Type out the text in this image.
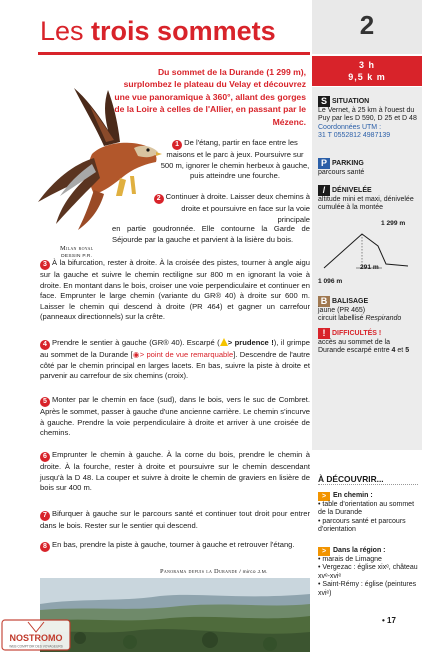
Les trois sommets
Du sommet de la Durande (1 299 m), surplombez le plateau du Velay et découvrez une vue panoramique à 360°, allant des gorges de la Loire à celles de l'Allier, en passant par le Mézenc.
Milan royal
DESSIN P.R.
1 De l'étang, partir en face entre les maisons et le parc à jeux. Poursuivre sur 500 m, ignorer le chemin herbeux à gauche, puis atteindre une fourche.
2 Continuer à droite. Laisser deux chemins à droite et poursuivre en face sur la voie principale
en partie goudronnée. Elle contourne la Garde de Séjourde par la gauche et parvient à la lisière du bois.
3 À la bifurcation, rester à droite. À la croisée des pistes, tourner à angle aigu sur la gauche et suivre le chemin rectiligne sur 800 m en ignorant la voie à droite. En montant dans le bois, croiser une voie perpendiculaire et continuer en face. Emprunter le large chemin (variante du GR® 40) à droite sur 600 m. Laisser le chemin qui descend à droite (PR 464) et gagner un carrefour (panneaux directionnels) sur la crête.
4 Prendre le sentier à gauche (GR® 40). Escarpé ( > prudence !), il grimpe au sommet de la Durande [◉> point de vue remarquable]. Descendre de l'autre côté par le chemin principal en larges lacets. En bas, suivre la piste à droite et parvenir au carrefour de six chemins (croix).
5 Monter par le chemin en face (sud), dans le bois, vers le suc de Combret. Après le sommet, passer à gauche d'une ancienne carrière. Le chemin s'incurve à gauche. Prendre la voie perpendiculaire à droite et arriver à une croisée de chemins.
6 Emprunter le chemin à gauche. À la corne du bois, prendre le chemin à droite. À la fourche, rester à droite et poursuivre sur le chemin descendant jusqu'à la D 48. La couper et suivre à droite le chemin de graviers en lisière de bois sur 400 m.
7 Bifurquer à gauche sur le parcours santé et continuer tout droit pour entrer dans le bois. Rester sur le sentier qui descend.
8 En bas, prendre la piste à gauche, tourner à gauche et retrouver l'étang.
Panorama depuis la Durande / mirco J.M.
2
3 h
9,5 k m
S SITUATION
Le Vernet, à 25 km à l'ouest du Puy par les D 590, D 25 et D 48
Coordonnées UTM :
31 T 0552812 4987139
P PARKING
parcours santé
/ DÉNIVELÉE
altitude mini et maxi, dénivelée cumulée à la montée
1 299 m
1 096 m
291 m
B BALISAGE
jaune (PR 465)
circuit labellisé Respirando
! DIFFICULTÉS !
accès au sommet de la Durande escarpé entre 4 et 5
À DÉCOUVRIR...
> En chemin :
• table d'orientation au sommet de la Durande
• parcours santé et parcours d'orientation
> Dans la région :
• marais de Limagne
• Vergezac : église xixᵉ, château xvᵉ-xviᵉ
• Saint-Rémy : église (peintures xviᵉ)
• 17
NOSTROMO
WEB COMPTOIR DES VOYAGEURS
